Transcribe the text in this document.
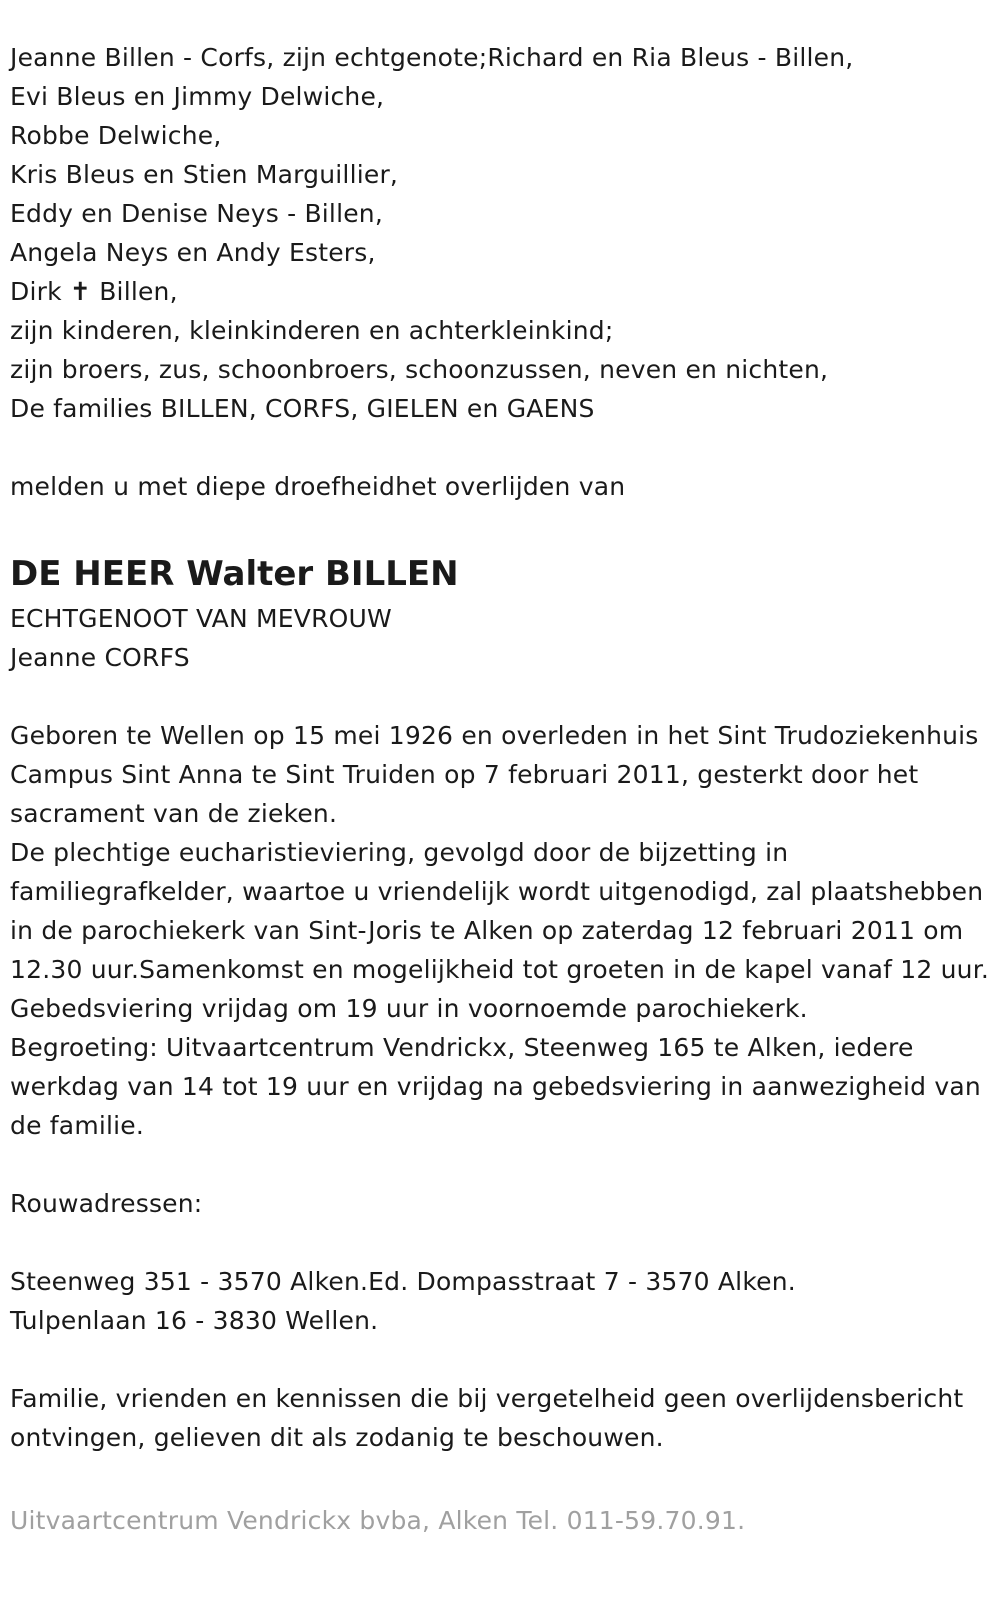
Jeanne Billen - Corfs, zijn echtgenote;Richard en Ria Bleus - Billen,
Evi Bleus en Jimmy Delwiche,
Robbe Delwiche,
Kris Bleus en Stien Marguillier,
Eddy en Denise Neys - Billen,
Angela Neys en Andy Esters,
Dirk ✝ Billen,
zijn kinderen, kleinkinderen en achterkleinkind;
zijn broers, zus, schoonbroers, schoonzussen, neven en nichten,
De families BILLEN, CORFS, GIELEN en GAENS
melden u met diepe droefheidhet overlijden van
DE HEER Walter BILLEN
ECHTGENOOT VAN MEVROUW
Jeanne CORFS

Geboren te Wellen op 15 mei 1926 en overleden in het Sint Trudoziekenhuis Campus Sint Anna te Sint Truiden op 7 februari 2011, gesterkt door het sacrament van de zieken.

De plechtige eucharistieviering, gevolgd door de bijzetting in familiegrafkelder, waartoe u vriendelijk wordt uitgenodigd, zal plaatshebben in de parochiekerk van Sint-Joris te Alken op zaterdag 12 februari 2011 om 12.30 uur.Samenkomst en mogelijkheid tot groeten in de kapel vanaf 12 uur.

Gebedsviering vrijdag om 19 uur in voornoemde parochiekerk.

Begroeting: Uitvaartcentrum Vendrickx, Steenweg 165 te Alken, iedere werkdag van 14 tot 19 uur en vrijdag na gebedsviering in aanwezigheid van de familie.

Rouwadressen:
Steenweg 351 - 3570 Alken.Ed. Dompasstraat 7 - 3570 Alken.
Tulpenlaan 16 - 3830 Wellen.

Familie, vrienden en kennissen die bij vergetelheid geen overlijdensbericht ontvingen, gelieven dit als zodanig te beschouwen.

Uitvaartcentrum Vendrickx bvba, Alken Tel. 011-59.70.91.
